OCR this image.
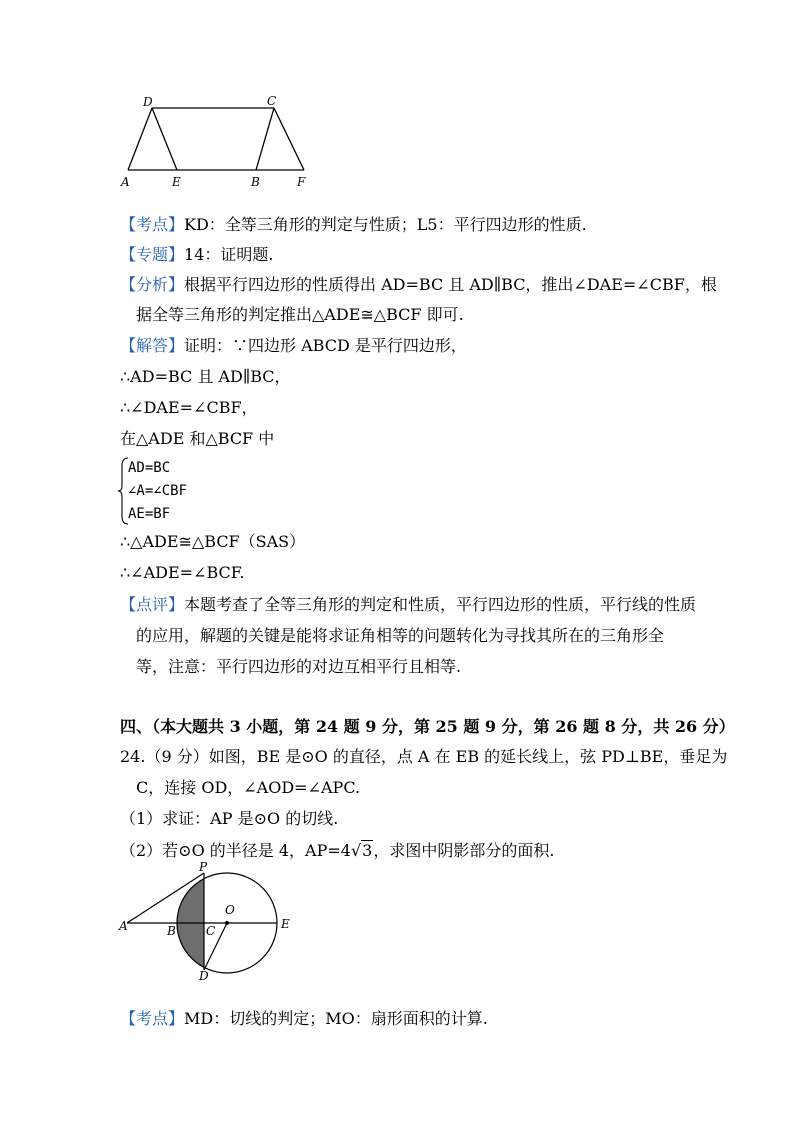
D	C
A	E	B	F
【考点】KD：全等三角形的判定与性质；L5：平行四边形的性质.
【专题】14：证明题.
【分析】根据平行四边形的性质得出 AD=BC 且 AD∥BC，推出∠DAE=∠CBF，根
据全等三角形的判定推出△ADE≅△BCF 即可.
【解答】证明：∵四边形 ABCD 是平行四边形，
∴AD=BC 且 AD∥BC，
∴∠DAE=∠CBF，
在△ADE 和△BCF 中
AD=BC
∠A=∠CBF
AE=BF
∴△ADE≅△BCF（SAS）
∴∠ADE=∠BCF.
【点评】本题考查了全等三角形的判定和性质，平行四边形的性质，平行线的性质
的应用，解题的关键是能将求证角相等的问题转化为寻找其所在的三角形全
等，注意：平行四边形的对边互相平行且相等.
四、（本大题共 3 小题，第 24 题 9 分，第 25 题 9 分，第 26 题 8 分，共 26 分）
24.（9 分）如图，BE 是⊙O 的直径，点 A 在 EB 的延长线上，弦 PD⊥BE，垂足为
C，连接 OD，∠AOD=∠APC.
（1）求证：AP 是⊙O 的切线.
（2）若⊙O 的半径是 4，AP=4√3，求图中阴影部分的面积.
P
O
A	B	C	E
D
【考点】MD：切线的判定；MO：扇形面积的计算.
